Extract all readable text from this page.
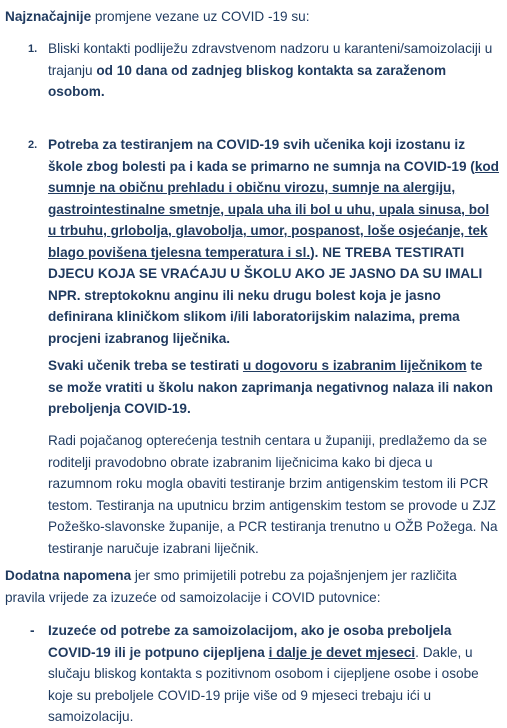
Najznačajnije promjene vezane uz COVID -19 su:

1. Bliski kontakti podliježu zdravstvenom nadzoru u karanteni/samoizolaciji u trajanju od 10 dana od zadnjeg bliskog kontakta sa zaraženom osobom.

2. Potreba za testiranjem na COVID-19 svih učenika koji izostanu iz škole zbog bolesti pa i kada se primarno ne sumnja na COVID-19 (kod sumnje na običnu prehladu i običnu virozu, sumnje na alergiju, gastrointestinalne smetnje, upala uha ili bol u uhu, upala sinusa, bol u trbuhu, grlobolja, glavobolja, umor, pospanost, loše osjećanje, tek blago povišena tjelesna temperatura i sl.). NE TREBA TESTIRATI DJECU KOJA SE VRAĆAJU U ŠKOLU AKO JE JASNO DA SU IMALI NPR. streptokoknu anginu ili neku drugu bolest koja je jasno definirana kliničkom slikom i/ili laboratorijskim nalazima, prema procjeni izabranog liječnika.

Svaki učenik treba se testirati u dogovoru s izabranim liječnikom te se može vratiti u školu nakon zaprimanja negativnog nalaza ili nakon preboljenja COVID-19.

Radi pojačanog opterećenja testnih centara u županiji, predlažemo da se roditelji pravodobno obrate izabranim liječnicima kako bi djeca u razumnom roku mogla obaviti testiranje brzim antigenskim testom ili PCR testom. Testiranja na uputnicu brzim antigenskim testom se provode u ZJZ Požeško-slavonske županije, a PCR testiranja trenutno u OŽB Požega. Na testiranje naručuje izabrani liječnik.

Dodatna napomena jer smo primijetili potrebu za pojašnjenjem jer različita pravila vrijede za izuzeće od samoizolacije i COVID putovnice:

- Izuzeće od potrebe za samoizolacijom, ako je osoba preboljela COVID-19 ili je potpuno cijepljena i dalje je devet mjeseci. Dakle, u slučaju bliskog kontakta s pozitivnom osobom i cijepljene osobe i osobe koje su preboljele COVID-19 prije više od 9 mjeseci trebaju ići u samoizolaciju.
